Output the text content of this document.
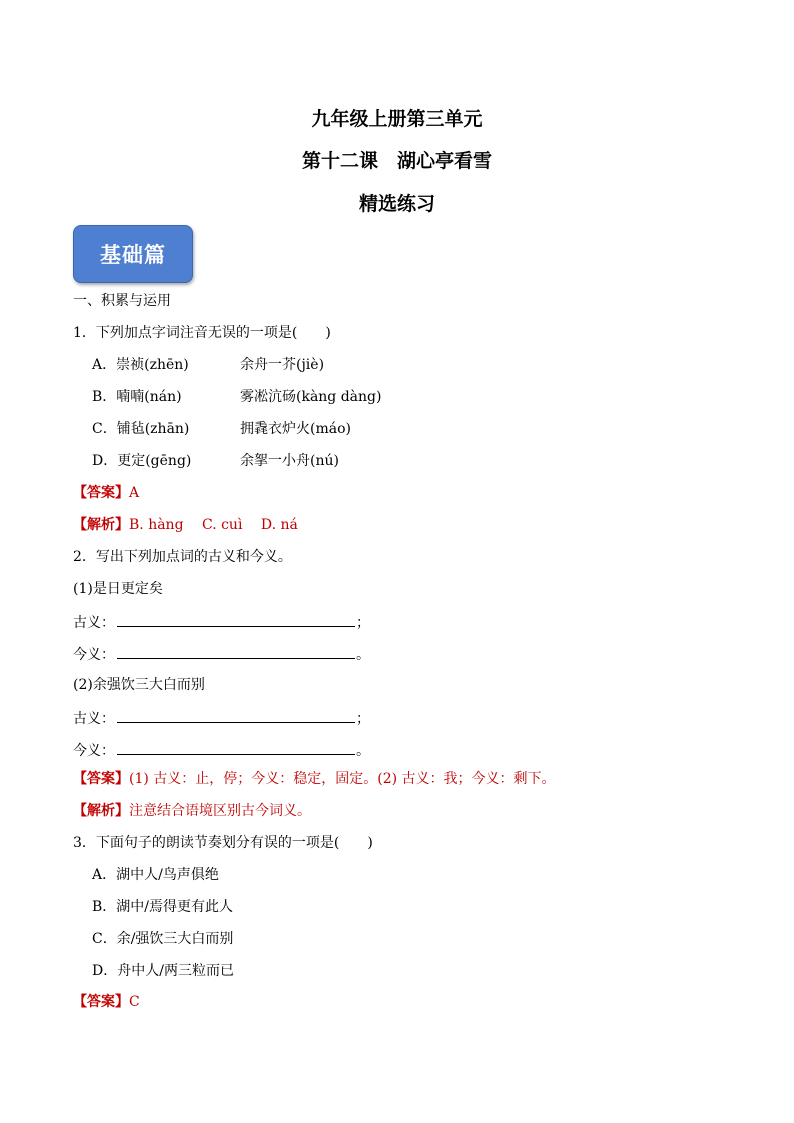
九年级上册第三单元
第十二课　湖心亭看雪
精选练习
基础篇
一、积累与运用
1．下列加点字词注音无误的一项是(　　)
A．崇祯(zhēn)	余舟一芥(jiè)
B．喃喃(nán)	雾凇沆砀(kàng dàng)
C．铺毡(zhān)	拥毳衣炉火(máo)
D．更定(gēng)	余挐一小舟(nú)
【答案】A
【解析】B. hàng　 C. cuì　 D. ná
2．写出下列加点词的古义和今义。
(1)是日更定矣
古义：	；
今义：	。
(2)余强饮三大白而别
古义：	；
今义：	。
【答案】(1) 古义：止，停；今义：稳定，固定。(2) 古义：我；今义：剩下。
【解析】注意结合语境区别古今词义。
3．下面句子的朗读节奏划分有误的一项是(　　)
A．湖中人/鸟声俱绝
B．湖中/焉得更有此人
C．余/强饮三大白而别
D．舟中人/两三粒而已
【答案】C
